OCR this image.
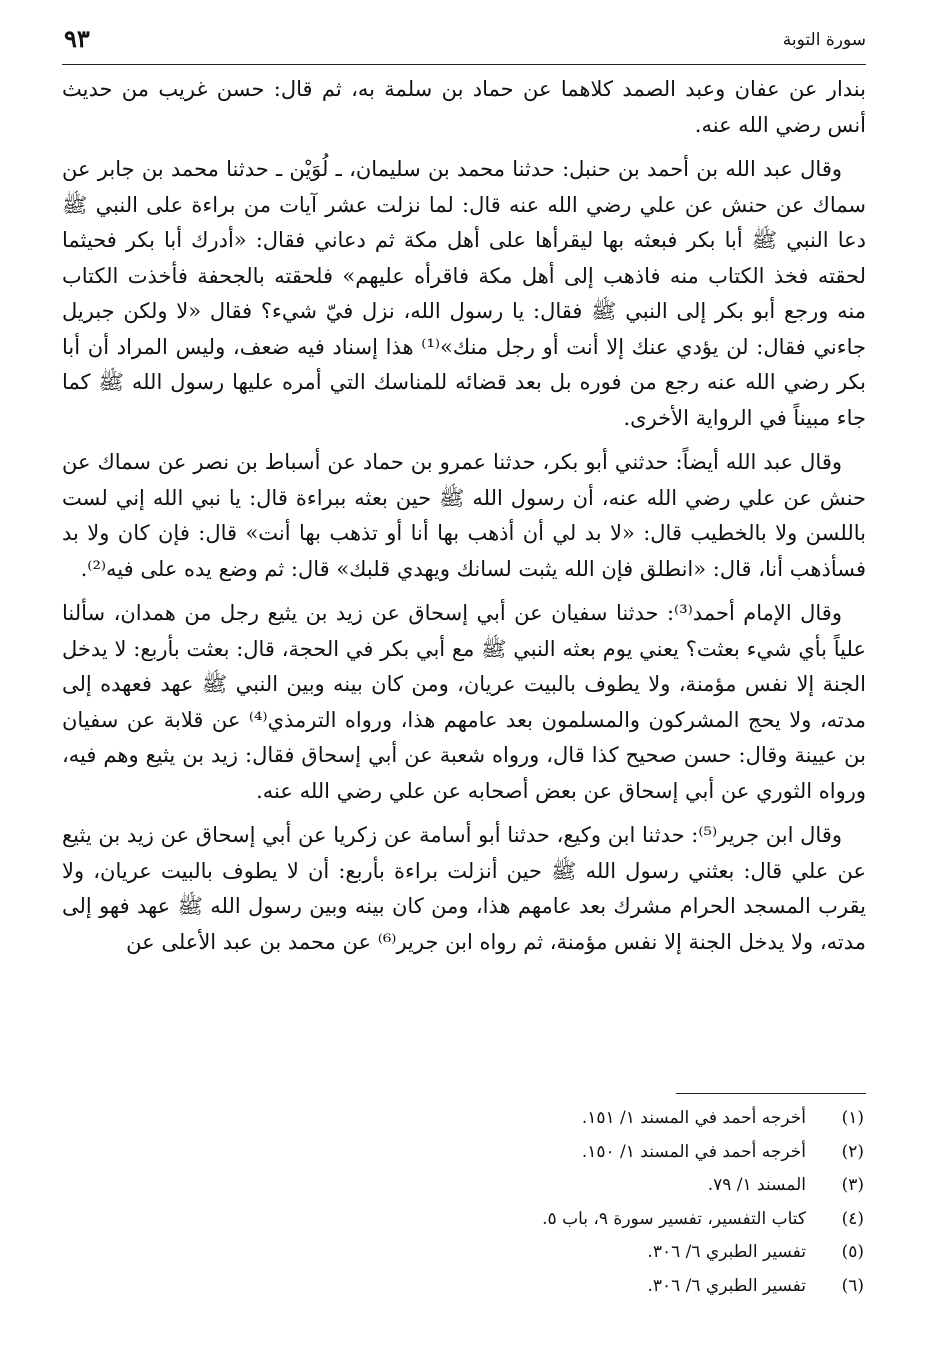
سورة التوبة
٩٣

بندار عن عفان وعبد الصمد كلاهما عن حماد بن سلمة به، ثم قال: حسن غريب من حديث أنس رضي الله عنه.

وقال عبد الله بن أحمد بن حنبل: حدثنا محمد بن سليمان، ـ لُوَيْن ـ حدثنا محمد بن جابر عن سماك عن حنش عن علي رضي الله عنه قال: لما نزلت عشر آيات من براءة على النبي ﷺ دعا النبي ﷺ أبا بكر فبعثه بها ليقرأها على أهل مكة ثم دعاني فقال: «أدرك أبا بكر فحيثما لحقته فخذ الكتاب منه فاذهب إلى أهل مكة فاقرأه عليهم» فلحقته بالجحفة فأخذت الكتاب منه ورجع أبو بكر إلى النبي ﷺ فقال: يا رسول الله، نزل فيّ شيء؟ فقال «لا ولكن جبريل جاءني فقال: لن يؤدي عنك إلا أنت أو رجل منك»⁽¹⁾ هذا إسناد فيه ضعف، وليس المراد أن أبا بكر رضي الله عنه رجع من فوره بل بعد قضائه للمناسك التي أمره عليها رسول الله ﷺ كما جاء مبيناً في الرواية الأخرى.

وقال عبد الله أيضاً: حدثني أبو بكر، حدثنا عمرو بن حماد عن أسباط بن نصر عن سماك عن حنش عن علي رضي الله عنه، أن رسول الله ﷺ حين بعثه ببراءة قال: يا نبي الله إني لست باللسن ولا بالخطيب قال: «لا بد لي أن أذهب بها أنا أو تذهب بها أنت» قال: فإن كان ولا بد فسأذهب أنا، قال: «انطلق فإن الله يثبت لسانك ويهدي قلبك» قال: ثم وضع يده على فيه⁽²⁾.

وقال الإمام أحمد⁽³⁾: حدثنا سفيان عن أبي إسحاق عن زيد بن يثيع رجل من همدان، سألنا علياً بأي شيء بعثت؟ يعني يوم بعثه النبي ﷺ مع أبي بكر في الحجة، قال: بعثت بأربع: لا يدخل الجنة إلا نفس مؤمنة، ولا يطوف بالبيت عريان، ومن كان بينه وبين النبي ﷺ عهد فعهده إلى مدته، ولا يحج المشركون والمسلمون بعد عامهم هذا، ورواه الترمذي⁽⁴⁾ عن قلابة عن سفيان بن عيينة وقال: حسن صحيح كذا قال، ورواه شعبة عن أبي إسحاق فقال: زيد بن يثيع وهم فيه، ورواه الثوري عن أبي إسحاق عن بعض أصحابه عن علي رضي الله عنه.

وقال ابن جرير⁽⁵⁾: حدثنا ابن وكيع، حدثنا أبو أسامة عن زكريا عن أبي إسحاق عن زيد بن يثيع عن علي قال: بعثني رسول الله ﷺ حين أنزلت براءة بأربع: أن لا يطوف بالبيت عريان، ولا يقرب المسجد الحرام مشرك بعد عامهم هذا، ومن كان بينه وبين رسول الله ﷺ عهد فهو إلى مدته، ولا يدخل الجنة إلا نفس مؤمنة، ثم رواه ابن جرير⁽⁶⁾ عن محمد بن عبد الأعلى عن

(١)
أخرجه أحمد في المسند ١/ ١٥١.
(٢)
أخرجه أحمد في المسند ١/ ١٥٠.
(٣)
المسند ١/ ٧٩.
(٤)
كتاب التفسير، تفسير سورة ٩، باب ٥.
(٥)
تفسير الطبري ٦/ ٣٠٦.
(٦)
تفسير الطبري ٦/ ٣٠٦.
